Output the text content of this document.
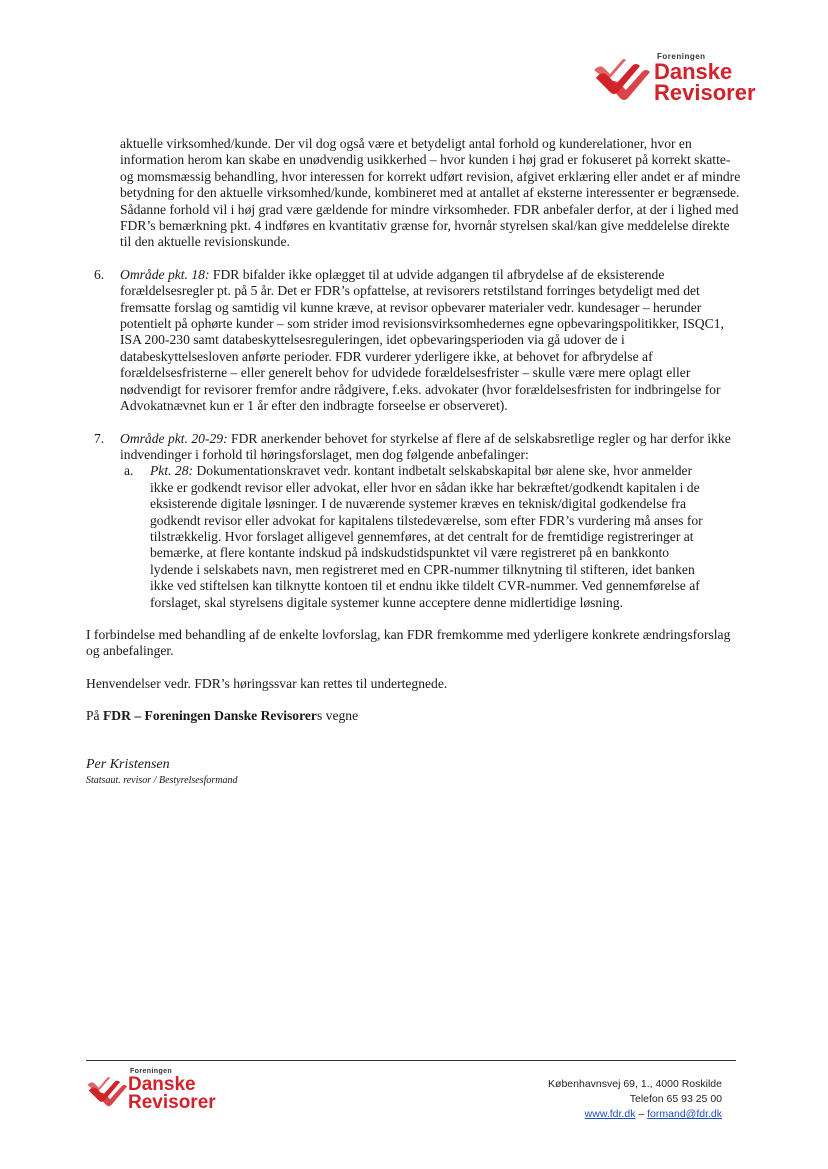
Foreningen
Danske
Revisorer

aktuelle virksomhed/kunde. Der vil dog også være et betydeligt antal forhold og kunderelationer, hvor en information herom kan skabe en unødvendig usikkerhed – hvor kunden i høj grad er fokuseret på korrekt skatte- og momsmæssig behandling, hvor interessen for korrekt udført revision, afgivet erklæring eller andet er af mindre betydning for den aktuelle virksomhed/kunde, kombineret med at antallet af eksterne interessenter er begrænsede. Sådanne forhold vil i høj grad være gældende for mindre virksomheder. FDR anbefaler derfor, at der i lighed med FDR’s bemærkning pkt. 4 indføres en kvantitativ grænse for, hvornår styrelsen skal/kan give meddelelse direkte til den aktuelle revisionskunde.

6. Område pkt. 18: FDR bifalder ikke oplægget til at udvide adgangen til afbrydelse af de eksisterende forældelsesregler pt. på 5 år. Det er FDR’s opfattelse, at revisorers retstilstand forringes betydeligt med det fremsatte forslag og samtidig vil kunne kræve, at revisor opbevarer materialer vedr. kundesager – herunder potentielt på ophørte kunder – som strider imod revisionsvirksomhedernes egne opbevaringspolitikker, ISQC1, ISA 200-230 samt databeskyttelsesreguleringen, idet opbevaringsperioden via gå udover de i databeskyttelsesloven anførte perioder. FDR vurderer yderligere ikke, at behovet for afbrydelse af forældelsesfristerne – eller generelt behov for udvidede forældelsesfrister – skulle være mere oplagt eller nødvendigt for revisorer fremfor andre rådgivere, f.eks. advokater (hvor forældelsesfristen for indbringelse for Advokatnævnet kun er 1 år efter den indbragte forseelse er observeret).
7. Område pkt. 20-29: FDR anerkender behovet for styrkelse af flere af de selskabsretlige regler og har derfor ikke indvendinger i forhold til høringsforslaget, men dog følgende anbefalinger:
a. Pkt. 28: Dokumentationskravet vedr. kontant indbetalt selskabskapital bør alene ske, hvor anmelder ikke er godkendt revisor eller advokat, eller hvor en sådan ikke har bekræftet/godkendt kapitalen i de eksisterende digitale løsninger. I de nuværende systemer kræves en teknisk/digital godkendelse fra godkendt revisor eller advokat for kapitalens tilstedeværelse, som efter FDR’s vurdering må anses for tilstrækkelig. Hvor forslaget alligevel gennemføres, at det centralt for de fremtidige registreringer at bemærke, at flere kontante indskud på indskudstidspunktet vil være registreret på en bankkonto lydende i selskabets navn, men registreret med en CPR-nummer tilknytning til stifteren, idet banken ikke ved stiftelsen kan tilknytte kontoen til et endnu ikke tildelt CVR-nummer. Ved gennemførelse af forslaget, skal styrelsens digitale systemer kunne acceptere denne midlertidige løsning.

I forbindelse med behandling af de enkelte lovforslag, kan FDR fremkomme med yderligere konkrete ændringsforslag og anbefalinger.

Henvendelser vedr. FDR’s høringssvar kan rettes til undertegnede.

På FDR – Foreningen Danske Revisorers vegne

Per Kristensen
Statsaut. revisor / Bestyrelsesformand
Foreningen
Danske
Revisorer
Københavnsvej 69, 1., 4000 Roskilde
Telefon 65 93 25 00
www.fdr.dk – formand@fdr.dk
